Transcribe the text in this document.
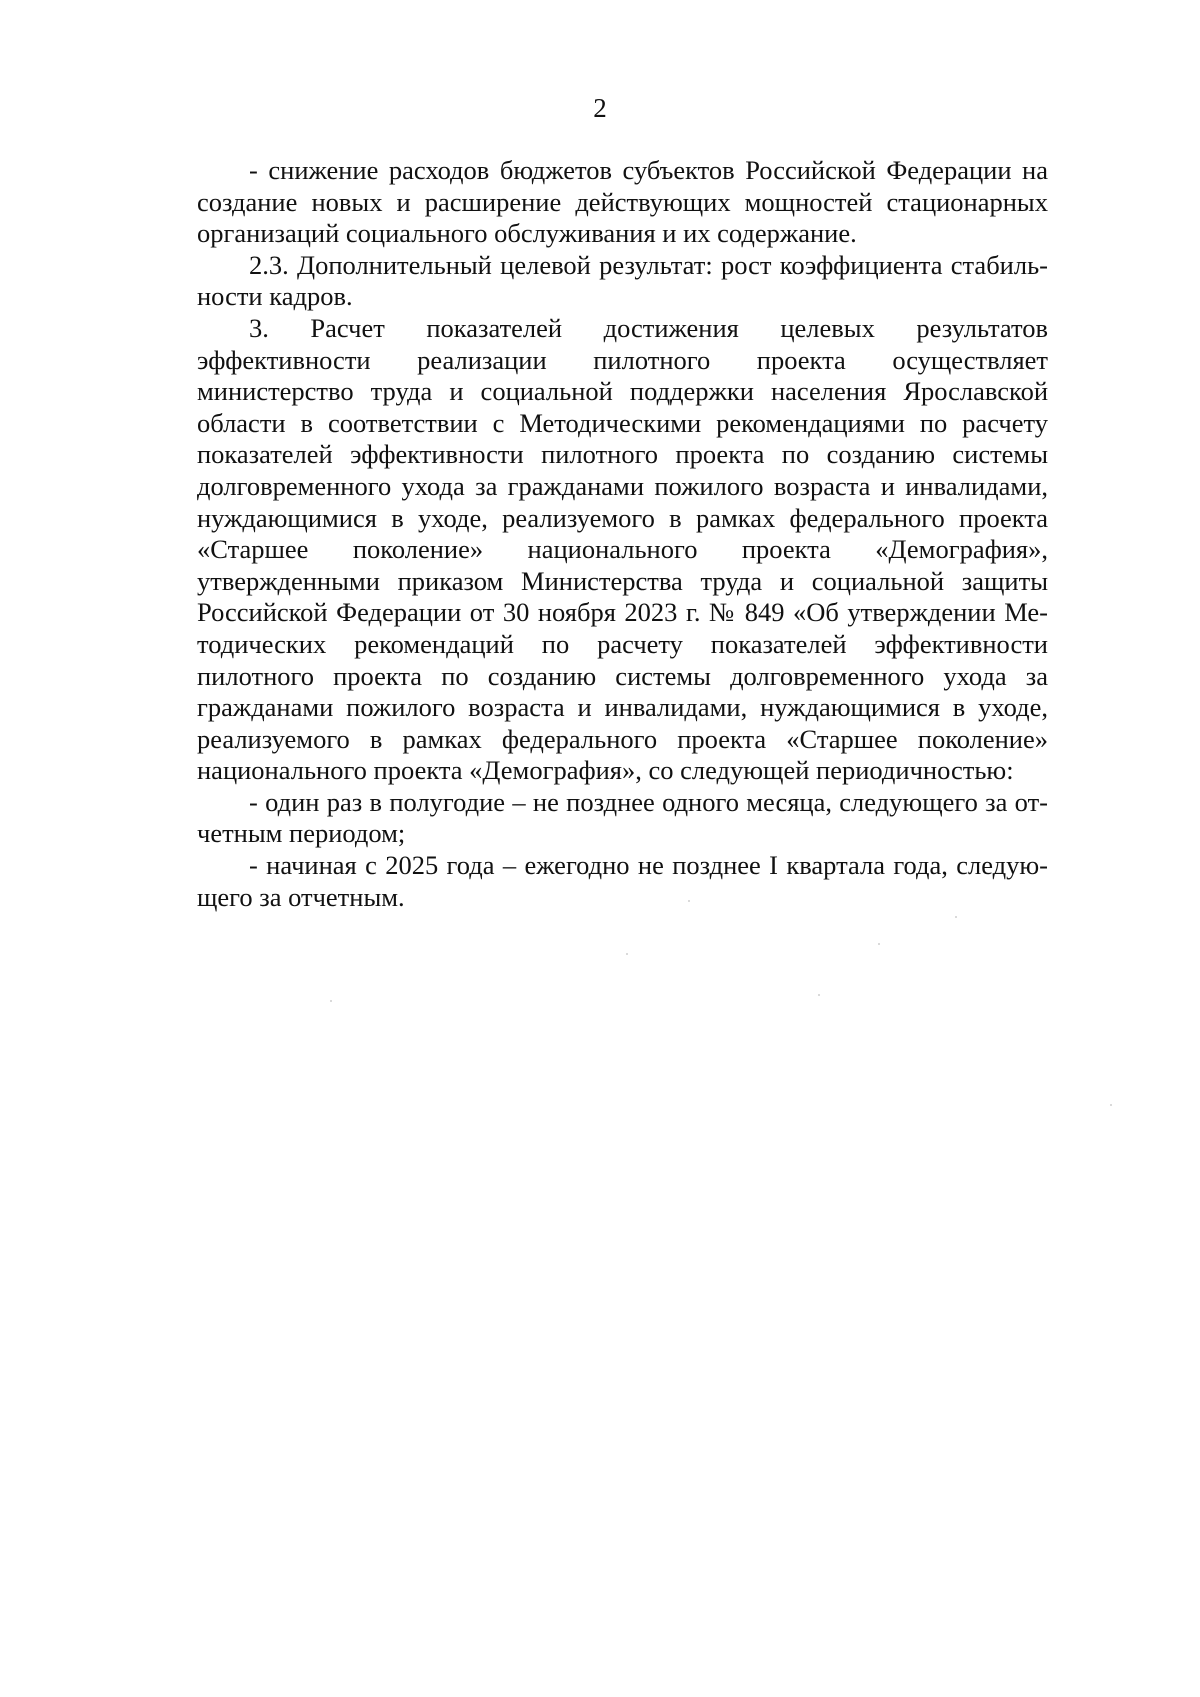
2

- снижение расходов бюджетов субъектов Российской Федерации на создание новых и расширение действующих мощностей стационарных организаций социального обслуживания и их содержание.

2.3. Дополнительный целевой результат: рост коэффициента стабильности кадров.

3. Расчет показателей достижения целевых результатов эффективности реализации пилотного проекта осуществляет министерство труда и социальной поддержки населения Ярославской области в соответствии с Методическими рекомендациями по расчету показателей эффективности пилотного проекта по созданию системы долговременного ухода за гражданами пожилого возраста и инвалидами, нуждающимися в уходе, реализуемого в рамках федерального проекта «Старшее поколение» национального проекта «Демография», утвержденными приказом Министерства труда и социальной защиты Российской Федерации от 30 ноября 2023 г. № 849 «Об утверждении Методических рекомендаций по расчету показателей эффективности пилотного проекта по созданию системы долговременного ухода за гражданами пожилого возраста и инвалидами, нуждающимися в уходе, реализуемого в рамках федерального проекта «Старшее поколение» национального проекта «Демография», со следующей периодичностью:

- один раз в полугодие – не позднее одного месяца, следующего за отчетным периодом;

- начиная с 2025 года – ежегодно не позднее I квартала года, следующего за отчетным.
